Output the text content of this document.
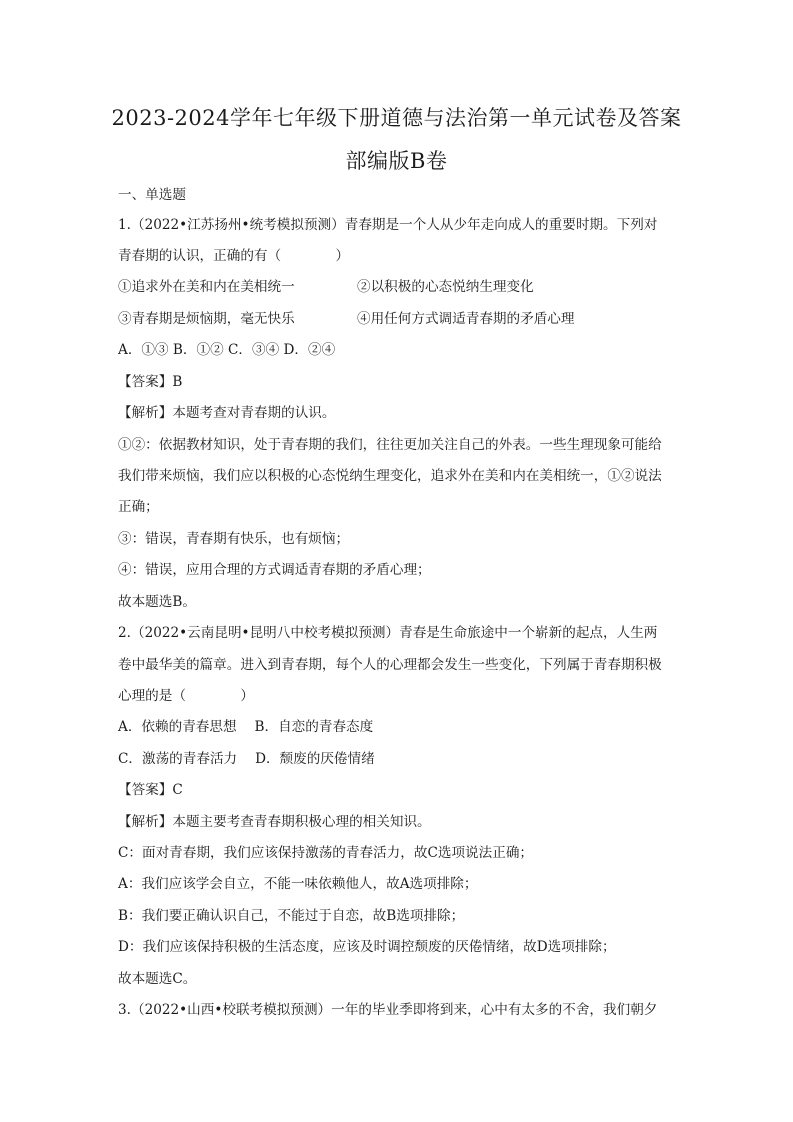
2023-2024学年七年级下册道德与法治第一单元试卷及答案
部编版B卷
一、单选题
1.（2022•江苏扬州•统考模拟预测）青春期是一个人从少年走向成人的重要时期。下列对
青春期的认识，正确的有（　　　　）
①追求外在美和内在美相统一	②以积极的心态悦纳生理变化
③青春期是烦恼期，毫无快乐	④用任何方式调适青春期的矛盾心理
A．①③ B．①② C．③④ D．②④
【答案】B
【解析】本题考查对青春期的认识。
①②：依据教材知识，处于青春期的我们，往往更加关注自己的外表。一些生理现象可能给
我们带来烦恼，我们应以积极的心态悦纳生理变化，追求外在美和内在美相统一，①②说法
正确；
③：错误，青春期有快乐，也有烦恼；
④：错误，应用合理的方式调适青春期的矛盾心理；
故本题选B。
2.（2022•云南昆明•昆明八中校考模拟预测）青春是生命旅途中一个崭新的起点，人生两
卷中最华美的篇章。进入到青春期，每个人的心理都会发生一些变化，下列属于青春期积极
心理的是（　　　　）
A．依赖的青春思想　 B．自恋的青春态度
C．激荡的青春活力　 D．颓废的厌倦情绪
【答案】C
【解析】本题主要考查青春期积极心理的相关知识。
C：面对青春期，我们应该保持激荡的青春活力，故C选项说法正确；
A：我们应该学会自立，不能一味依赖他人，故A选项排除；
B：我们要正确认识自己，不能过于自恋，故B选项排除；
D：我们应该保持积极的生活态度，应该及时调控颓废的厌倦情绪，故D选项排除；
故本题选C。
3.（2022•山西•校联考模拟预测）一年的毕业季即将到来，心中有太多的不舍，我们朝夕
